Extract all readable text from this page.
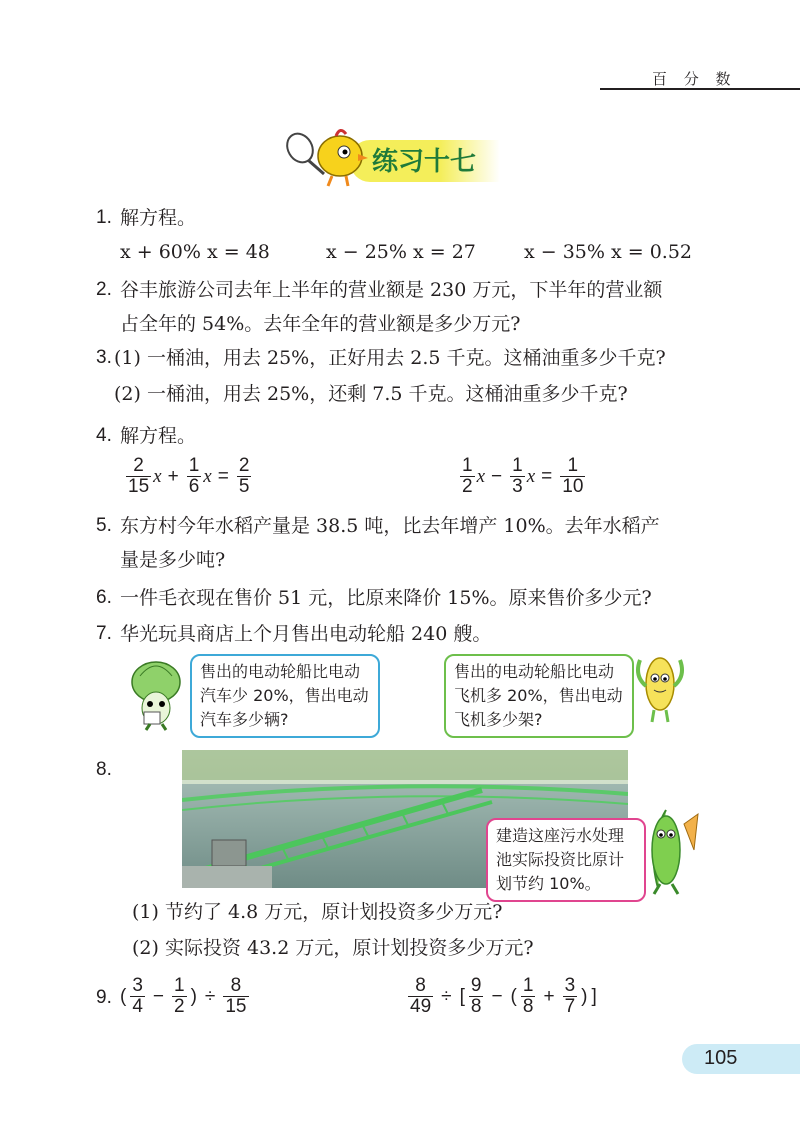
百 分 数
练习十七
1. 解方程。
x + 60% x = 48	x − 25% x = 27	x − 35% x = 0.52
2. 谷丰旅游公司去年上半年的营业额是 230 万元，下半年的营业额
占全年的 54%。去年全年的营业额是多少万元?
3. (1) 一桶油，用去 25%，正好用去 2.5 千克。这桶油重多少千克?
(2) 一桶油，用去 25%，还剩 7.5 千克。这桶油重多少千克?
4. 解方程。
$\frac{2}{15}$ $x + \frac{1}{6}$ $x = \frac{2}{5}$	$\frac{1}{2}$ $x - \frac{1}{3}$ $x = \frac{1}{10}$
5. 东方村今年水稻产量是 38.5 吨，比去年增产 10%。去年水稻产
量是多少吨?
6. 一件毛衣现在售价 51 元，比原来降价 15%。原来售价多少元?
7. 华光玩具商店上个月售出电动轮船 240 艘。
售出的电动轮船比电动汽车少 20%，售出电动汽车多少辆?
售出的电动轮船比电动飞机多 20%，售出电动飞机多少架?
8.
建造这座污水处理池实际投资比原计划节约 10%。
(1) 节约了 4.8 万元，原计划投资多少万元?
(2) 实际投资 43.2 万元，原计划投资多少万元?
9. ( $\frac{3}{4} - \frac{1}{2}$ ) ÷ $\frac{8}{15}$	$\frac{8}{49}$ ÷ [ $\frac{9}{8}$ − ( $\frac{1}{8} + \frac{3}{7}$ ) ]
105
